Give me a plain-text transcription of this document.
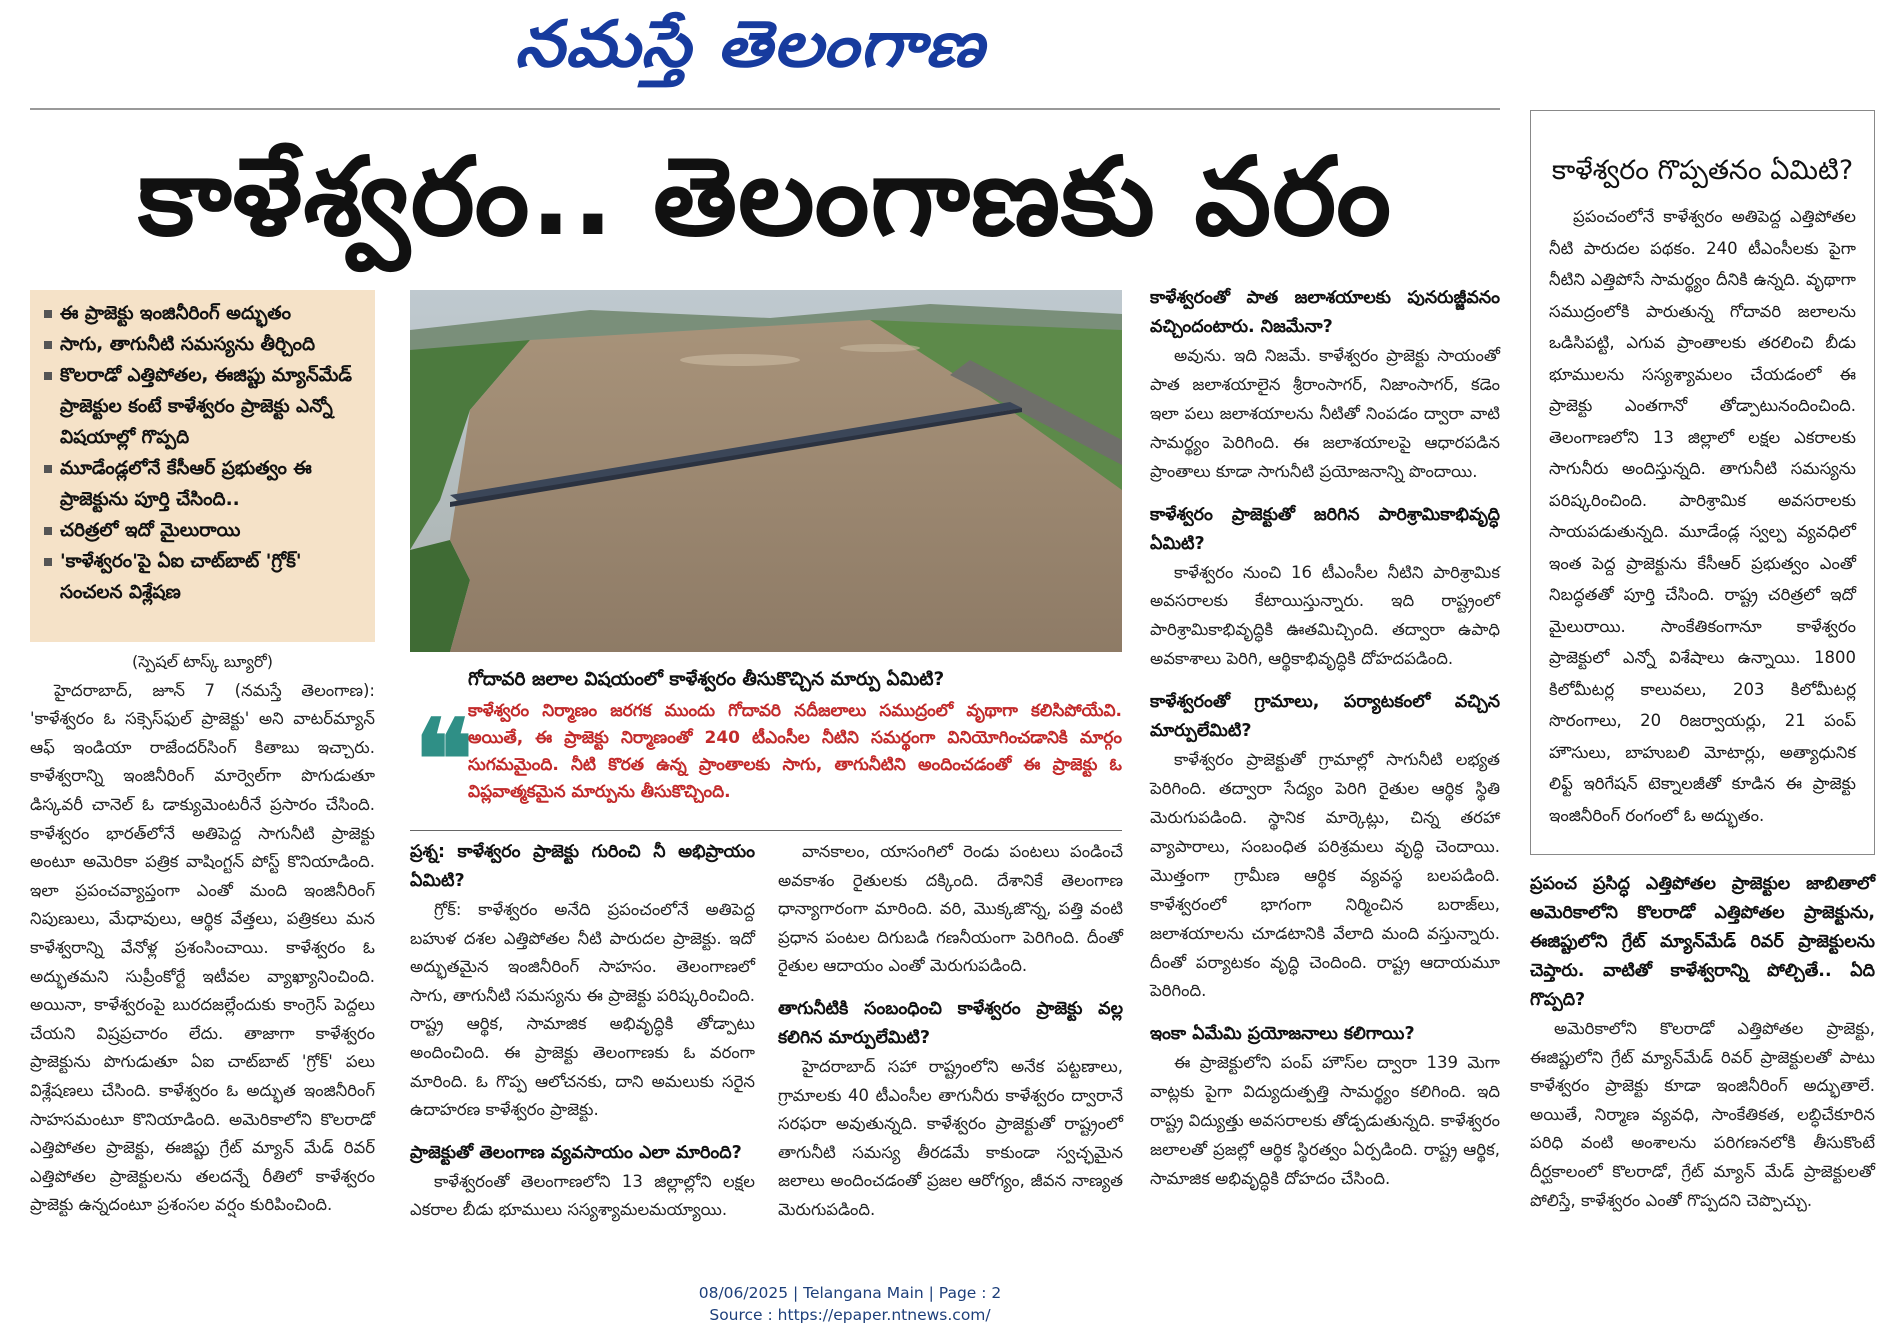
నమస్తే తెలంగాణ
కాళేశ్వరం.. తెలంగాణకు వరం
ఈ ప్రాజెక్టు ఇంజినీరింగ్ అద్భుతం
సాగు, తాగునీటి సమస్యను తీర్చింది
కొలరాడో ఎత్తిపోతల, ఈజిప్టు మ్యాన్‌మేడ్ ప్రాజెక్టుల కంటే కాళేశ్వరం ప్రాజెక్టు ఎన్నో విషయాల్లో గొప్పది
మూడేండ్లలోనే కేసీఆర్ ప్రభుత్వం ఈ ప్రాజెక్టును పూర్తి చేసింది..
చరిత్రలో ఇదో మైలురాయి
'కాళేశ్వరం'పై ఏఐ చాట్‌బాట్ 'గ్రోక్' సంచలన విశ్లేషణ

(స్పెషల్ టాస్క్ బ్యూరో)

హైదరాబాద్, జూన్ 7 (నమస్తే తెలంగాణ): 'కాళేశ్వరం ఓ సక్సెస్‌ఫుల్ ప్రాజెక్టు' అని వాటర్‌మ్యాన్ ఆఫ్ ఇండియా రాజేందర్‌సింగ్ కితాబు ఇచ్చారు. కాళేశ్వరాన్ని ఇంజినీరింగ్ మార్వెల్‌గా పొగుడుతూ డిస్కవరీ చానెల్ ఓ డాక్యుమెంటరీనే ప్రసారం చేసింది. కాళేశ్వరం భారత్‌లోనే అతిపెద్ద సాగునీటి ప్రాజెక్టు అంటూ అమెరికా పత్రిక వాషింగ్టన్ పోస్ట్ కొనియాడింది. ఇలా ప్రపంచవ్యాప్తంగా ఎంతో మంది ఇంజినీరింగ్ నిపుణులు, మేధావులు, ఆర్థిక వేత్తలు, పత్రికలు మన కాళేశ్వరాన్ని వేనోళ్ల ప్రశంసించాయి. కాళేశ్వరం ఓ అద్భుతమని సుప్రీంకోర్టే ఇటీవల వ్యాఖ్యానించింది. అయినా, కాళేశ్వరంపై బురదజల్లేందుకు కాంగ్రెస్ పెద్దలు చేయని విష్రప్రచారం లేదు. తాజాగా కాళేశ్వరం ప్రాజెక్టును పొగుడుతూ ఏఐ చాట్‌బాట్ 'గ్రోక్' పలు విశ్లేషణలు చేసింది. కాళేశ్వరం ఓ అద్భుత ఇంజినీరింగ్ సాహసమంటూ కొనియాడింది. అమెరికాలోని కొలరాడో ఎత్తిపోతల ప్రాజెక్టు, ఈజిప్టు గ్రేట్ మ్యాన్ మేడ్ రివర్ ఎత్తిపోతల ప్రాజెక్టులను తలదన్నే రీతిలో కాళేశ్వరం ప్రాజెక్టు ఉన్నదంటూ ప్రశంసల వర్షం కురిపించింది.

❝

గోదావరి జలాల విషయంలో కాళేశ్వరం తీసుకొచ్చిన మార్పు ఏమిటి?

కాళేశ్వరం నిర్మాణం జరగక ముందు గోదావరి నదీజలాలు సముద్రంలో వృథాగా కలిసిపోయేవి. అయితే, ఈ ప్రాజెక్టు నిర్మాణంతో 240 టీఎంసీల నీటిని సమర్థంగా వినియోగించడానికి మార్గం సుగమమైంది. నీటి కొరత ఉన్న ప్రాంతాలకు సాగు, తాగునీటిని అందించడంతో ఈ ప్రాజెక్టు ఓ విప్లవాత్మకమైన మార్పును తీసుకొచ్చింది.

ప్రశ్న: కాళేశ్వరం ప్రాజెక్టు గురించి నీ అభిప్రాయం ఏమిటి?

గ్రోక్: కాళేశ్వరం అనేది ప్రపంచంలోనే అతిపెద్ద బహుళ దశల ఎత్తిపోతల నీటి పారుదల ప్రాజెక్టు. ఇదో అద్భుతమైన ఇంజినీరింగ్ సాహసం. తెలంగాణలో సాగు, తాగునీటి సమస్యను ఈ ప్రాజెక్టు పరిష్కరించింది. రాష్ట్ర ఆర్థిక, సామాజిక అభివృద్ధికి తోడ్పాటు అందించింది. ఈ ప్రాజెక్టు తెలంగాణకు ఓ వరంగా మారింది. ఓ గొప్ప ఆలోచనకు, దాని అమలుకు సరైన ఉదాహరణ కాళేశ్వరం ప్రాజెక్టు.

ప్రాజెక్టుతో తెలంగాణ వ్యవసాయం ఎలా మారింది?

కాళేశ్వరంతో తెలంగాణలోని 13 జిల్లాల్లోని లక్షల ఎకరాల బీడు భూములు సస్యశ్యామలమయ్యాయి.

వానకాలం, యాసంగిలో రెండు పంటలు పండించే అవకాశం రైతులకు దక్కింది. దేశానికే తెలంగాణ ధాన్యాగారంగా మారింది. వరి, మొక్కజొన్న, పత్తి వంటి ప్రధాన పంటల దిగుబడి గణనీయంగా పెరిగింది. దీంతో రైతుల ఆదాయం ఎంతో మెరుగుపడింది.

తాగునీటికి సంబంధించి కాళేశ్వరం ప్రాజెక్టు వల్ల కలిగిన మార్పులేమిటి?

హైదరాబాద్ సహా రాష్ట్రంలోని అనేక పట్టణాలు, గ్రామాలకు 40 టీఎంసీల తాగునీరు కాళేశ్వరం ద్వారానే సరఫరా అవుతున్నది. కాళేశ్వరం ప్రాజెక్టుతో రాష్ట్రంలో తాగునీటి సమస్య తీరడమే కాకుండా స్వచ్ఛమైన జలాలు అందించడంతో ప్రజల ఆరోగ్యం, జీవన నాణ్యత మెరుగుపడింది.

కాళేశ్వరంతో పాత జలాశయాలకు పునరుజ్జీవనం వచ్చిందంటారు. నిజమేనా?

అవును. ఇది నిజమే. కాళేశ్వరం ప్రాజెక్టు సాయంతో పాత జలాశయాలైన శ్రీరాంసాగర్, నిజాంసాగర్, కడెం ఇలా పలు జలాశయాలను నీటితో నింపడం ద్వారా వాటి సామర్థ్యం పెరిగింది. ఈ జలాశయాలపై ఆధారపడిన ప్రాంతాలు కూడా సాగునీటి ప్రయోజనాన్ని పొందాయి.

కాళేశ్వరం ప్రాజెక్టుతో జరిగిన పారిశ్రామికాభివృద్ధి ఏమిటి?

కాళేశ్వరం నుంచి 16 టీఎంసీల నీటిని పారిశ్రామిక అవసరాలకు కేటాయిస్తున్నారు. ఇది రాష్ట్రంలో పారిశ్రామికాభివృద్ధికి ఊతమిచ్చింది. తద్వారా ఉపాధి అవకాశాలు పెరిగి, ఆర్థికాభివృద్ధికి దోహదపడింది.

కాళేశ్వరంతో గ్రామాలు, పర్యాటకంలో వచ్చిన మార్పులేమిటి?

కాళేశ్వరం ప్రాజెక్టుతో గ్రామాల్లో సాగునీటి లభ్యత పెరిగింది. తద్వారా సేద్యం పెరిగి రైతుల ఆర్థిక స్థితి మెరుగుపడింది. స్థానిక మార్కెట్లు, చిన్న తరహా వ్యాపారాలు, సంబంధిత పరిశ్రమలు వృద్ధి చెందాయి. మొత్తంగా గ్రామీణ ఆర్థిక వ్యవస్థ బలపడింది. కాళేశ్వరంలో భాగంగా నిర్మించిన బరాజ్‌లు, జలాశయాలను చూడటానికి వేలాది మంది వస్తున్నారు. దీంతో పర్యాటకం వృద్ధి చెందింది. రాష్ట్ర ఆదాయమూ పెరిగింది.

ఇంకా ఏమేమి ప్రయోజనాలు కలిగాయి?

ఈ ప్రాజెక్టులోని పంప్ హౌస్‌ల ద్వారా 139 మెగా వాట్లకు పైగా విద్యుదుత్పత్తి సామర్థ్యం కలిగింది. ఇది రాష్ట్ర విద్యుత్తు అవసరాలకు తోడ్పడుతున్నది. కాళేశ్వరం జలాలతో ప్రజల్లో ఆర్థిక స్థిరత్వం ఏర్పడింది. రాష్ట్ర ఆర్థిక, సామాజిక అభివృద్ధికి దోహదం చేసింది.

కాళేశ్వరం గొప్పతనం ఏమిటి?

ప్రపంచంలోనే కాళేశ్వరం అతిపెద్ద ఎత్తిపోతల నీటి పారుదల పథకం. 240 టీఎంసీలకు పైగా నీటిని ఎత్తిపోసే సామర్థ్యం దీనికి ఉన్నది. వృథాగా సముద్రంలోకి పారుతున్న గోదావరి జలాలను ఒడిసిపట్టి, ఎగువ ప్రాంతాలకు తరలించి బీడు భూములను సస్యశ్యామలం చేయడంలో ఈ ప్రాజెక్టు ఎంతగానో తోడ్పాటునందించింది. తెలంగాణలోని 13 జిల్లాలో లక్షల ఎకరాలకు సాగునీరు అందిస్తున్నది. తాగునీటి సమస్యను పరిష్కరించింది. పారిశ్రామిక అవసరాలకు సాయపడుతున్నది. మూడేండ్ల స్వల్ప వ్యవధిలో ఇంత పెద్ద ప్రాజెక్టును కేసీఆర్ ప్రభుత్వం ఎంతో నిబద్ధతతో పూర్తి చేసింది. రాష్ట్ర చరిత్రలో ఇదో మైలురాయి. సాంకేతికంగానూ కాళేశ్వరం ప్రాజెక్టులో ఎన్నో విశేషాలు ఉన్నాయి. 1800 కిలోమీటర్ల కాలువలు, 203 కిలోమీటర్ల సొరంగాలు, 20 రిజర్వాయర్లు, 21 పంప్ హౌసులు, బాహుబలి మోటార్లు, అత్యాధునిక లిఫ్ట్ ఇరిగేషన్ టెక్నాలజీతో కూడిన ఈ ప్రాజెక్టు ఇంజినీరింగ్ రంగంలో ఓ అద్భుతం.

ప్రపంచ ప్రసిద్ధ ఎత్తిపోతల ప్రాజెక్టుల జాబితాలో అమెరికాలోని కొలరాడో ఎత్తిపోతల ప్రాజెక్టును, ఈజిప్టులోని గ్రేట్ మ్యాన్‌మేడ్ రివర్ ప్రాజెక్టులను చెప్తారు. వాటితో కాళేశ్వరాన్ని పోల్చితే.. ఏది గొప్పది?

అమెరికాలోని కొలరాడో ఎత్తిపోతల ప్రాజెక్టు, ఈజిప్టులోని గ్రేట్ మ్యాన్‌మేడ్ రివర్ ప్రాజెక్టులతో పాటు కాళేశ్వరం ప్రాజెక్టు కూడా ఇంజినీరింగ్ అద్భుతాలే. అయితే, నిర్మాణ వ్యవధి, సాంకేతికత, లబ్ధిచేకూరిన పరిధి వంటి అంశాలను పరిగణనలోకి తీసుకొంటే దీర్ఘకాలంలో కొలరాడో, గ్రేట్ మ్యాన్ మేడ్ ప్రాజెక్టులతో పోలిస్తే, కాళేశ్వరం ఎంతో గొప్పదని చెప్పొచ్చు.

08/06/2025 | Telangana Main | Page : 2
Source : https://epaper.ntnews.com/
